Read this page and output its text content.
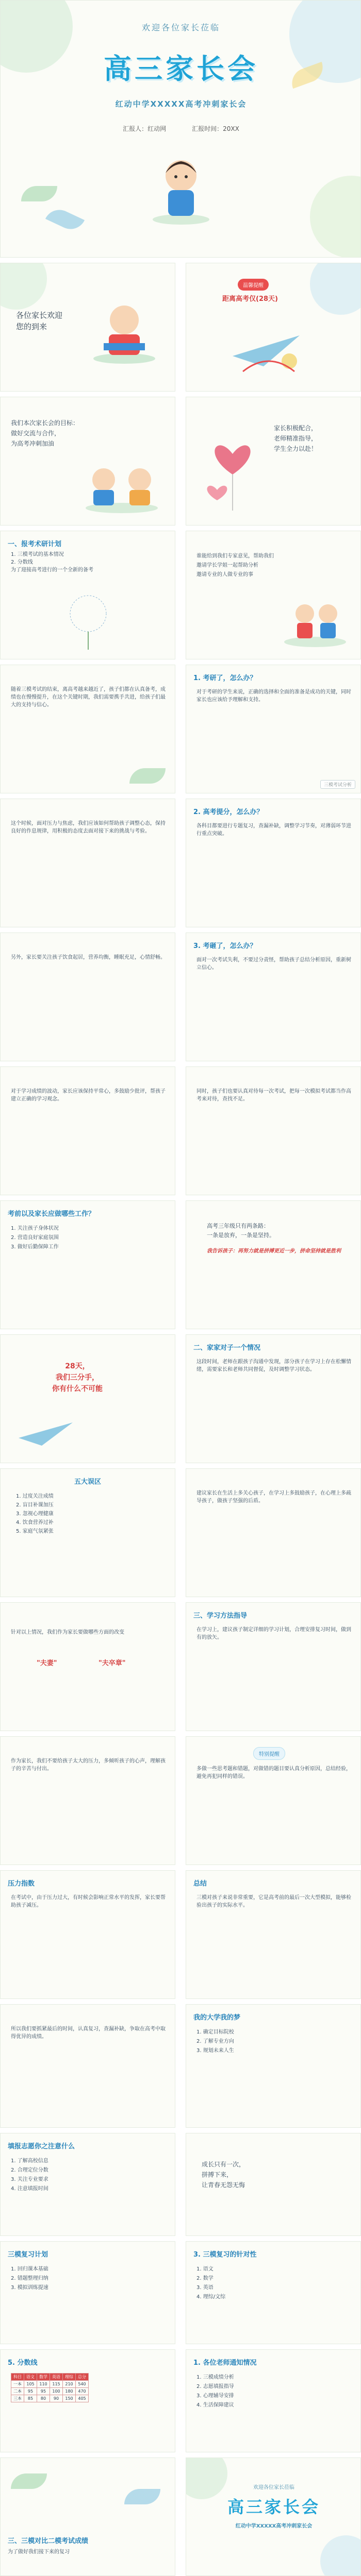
欢迎各位家长莅临
高三家长会
红动中学XXXXX高考冲刺家长会
汇报人：红动网	汇报时间：20XX
各位家长欢迎
您的到来
温馨提醒
距离高考仅(28天)
我们本次家长会的目标：
做好交流与合作，
为高考冲刺加油
家长积极配合，
老师精准指导，
学生全力以赴！
一、报考术研计划
1. 三模考试的基本情况
2. 分数线
为了迎接高考进行的一个全新的备考
谁能给到我们专家意见，帮助我们
邀请学长学姐一起帮助分析
邀请专业的人做专业的事
随着三模考试的结束，离高考越来越近了，孩子们都在认真备考，成绩也在慢慢提升，在这个关键时期，我们需要携手共进，给孩子们最大的支持与信心。
1. 考研了，怎么办？
对于考研的学生来说，正确的选择和全面的准备是成功的关键，同时家长也应该给予理解和支持。
三模考试分析
这个时候，面对压力与焦虑，我们应该如何帮助孩子调整心态，保持良好的作息规律，用积极的态度去面对接下来的挑战与考验。
2. 高考提分，怎么办？
各科目都要进行专题复习，查漏补缺，调整学习节奏，对薄弱环节进行重点突破。
另外，家长要关注孩子饮食起居，营养均衡，睡眠充足，心情舒畅。
3. 考砸了，怎么办？
面对一次考试失利，不要过分责怪，帮助孩子总结分析原因，重新树立信心。
对于学习成绩的波动，家长应该保持平常心，多鼓励少批评，帮孩子建立正确的学习观念。
同时，孩子们也要认真对待每一次考试，把每一次模拟考试都当作高考来对待，查找不足。
考前以及家长应做哪些工作？
1. 关注孩子身体状况
2. 营造良好家庭氛围
3. 做好后勤保障工作
高考三年级只有两条路：
一条是放弃，一条是坚持。
我告诉孩子：再努力就是拼搏更近一步，拼命坚持就是胜利
28天，
我们三分手，
你有什么不可能
二、家家对子一个情况
这段时间，老师在跟孩子沟通中发现，部分孩子在学习上存在松懈情绪，需要家长和老师共同督促，及时调整学习状态。
五大误区
1. 过度关注成绩
2. 盲目补课加压
3. 忽视心理健康
4. 饮食营养过补
5. 家庭气氛紧张
建议家长在生活上多关心孩子，在学习上多鼓励孩子，在心理上多疏导孩子，做孩子坚强的后盾。
针对以上情况，我们作为家长要做哪些方面的改变
"夫妻"	"夫卒章"
三、学习方法指导
在学习上，建议孩子制定详细的学习计划，合理安排复习时间，做到有的放矢。
作为家长，我们不要给孩子太大的压力，多倾听孩子的心声，理解孩子的辛苦与付出。
特别提醒
多做一些思考题和错题，对做错的题目要认真分析原因，总结经验，避免再犯同样的错误。
压力指数
在考试中，由于压力过大，有时候会影响正常水平的发挥，家长要帮助孩子减压。
总结
三模对孩子来说非常重要，它是高考前的最后一次大型模拟，能够检验出孩子的实际水平。
所以我们要抓紧最后的时间，认真复习，查漏补缺，争取在高考中取得优异的成绩。
我的大学我的梦
1. 确定目标院校
2. 了解专业方向
3. 规划未来人生
填报志愿你之注意什么
1. 了解高校信息
2. 合理定位分数
3. 关注专业要求
4. 注意填报时间
成长只有一次，
拼搏下来，
让青春无怨无悔
三模复习计划
1. 回归课本基础
2. 错题整理归纳
3. 模拟训练提速
3. 三模复习的针对性
1. 语文
2. 数学
3. 英语
4. 理综/文综
5. 分数线
科目	语文	数学	英语	理综	总分
一本	105	110	115	210	540
二本	95	95	100	180	470
三本	85	80	90	150	405
1. 各位老师通知情况
1. 三模成绩分析
2. 志愿填报指导
3. 心理辅导安排
4. 生活保障建议
三、三模对比二模考试成绩
为了做好我们接下来的复习
欢迎各位家长莅临
高三家长会
红动中学XXXXX高考冲刺家长会
